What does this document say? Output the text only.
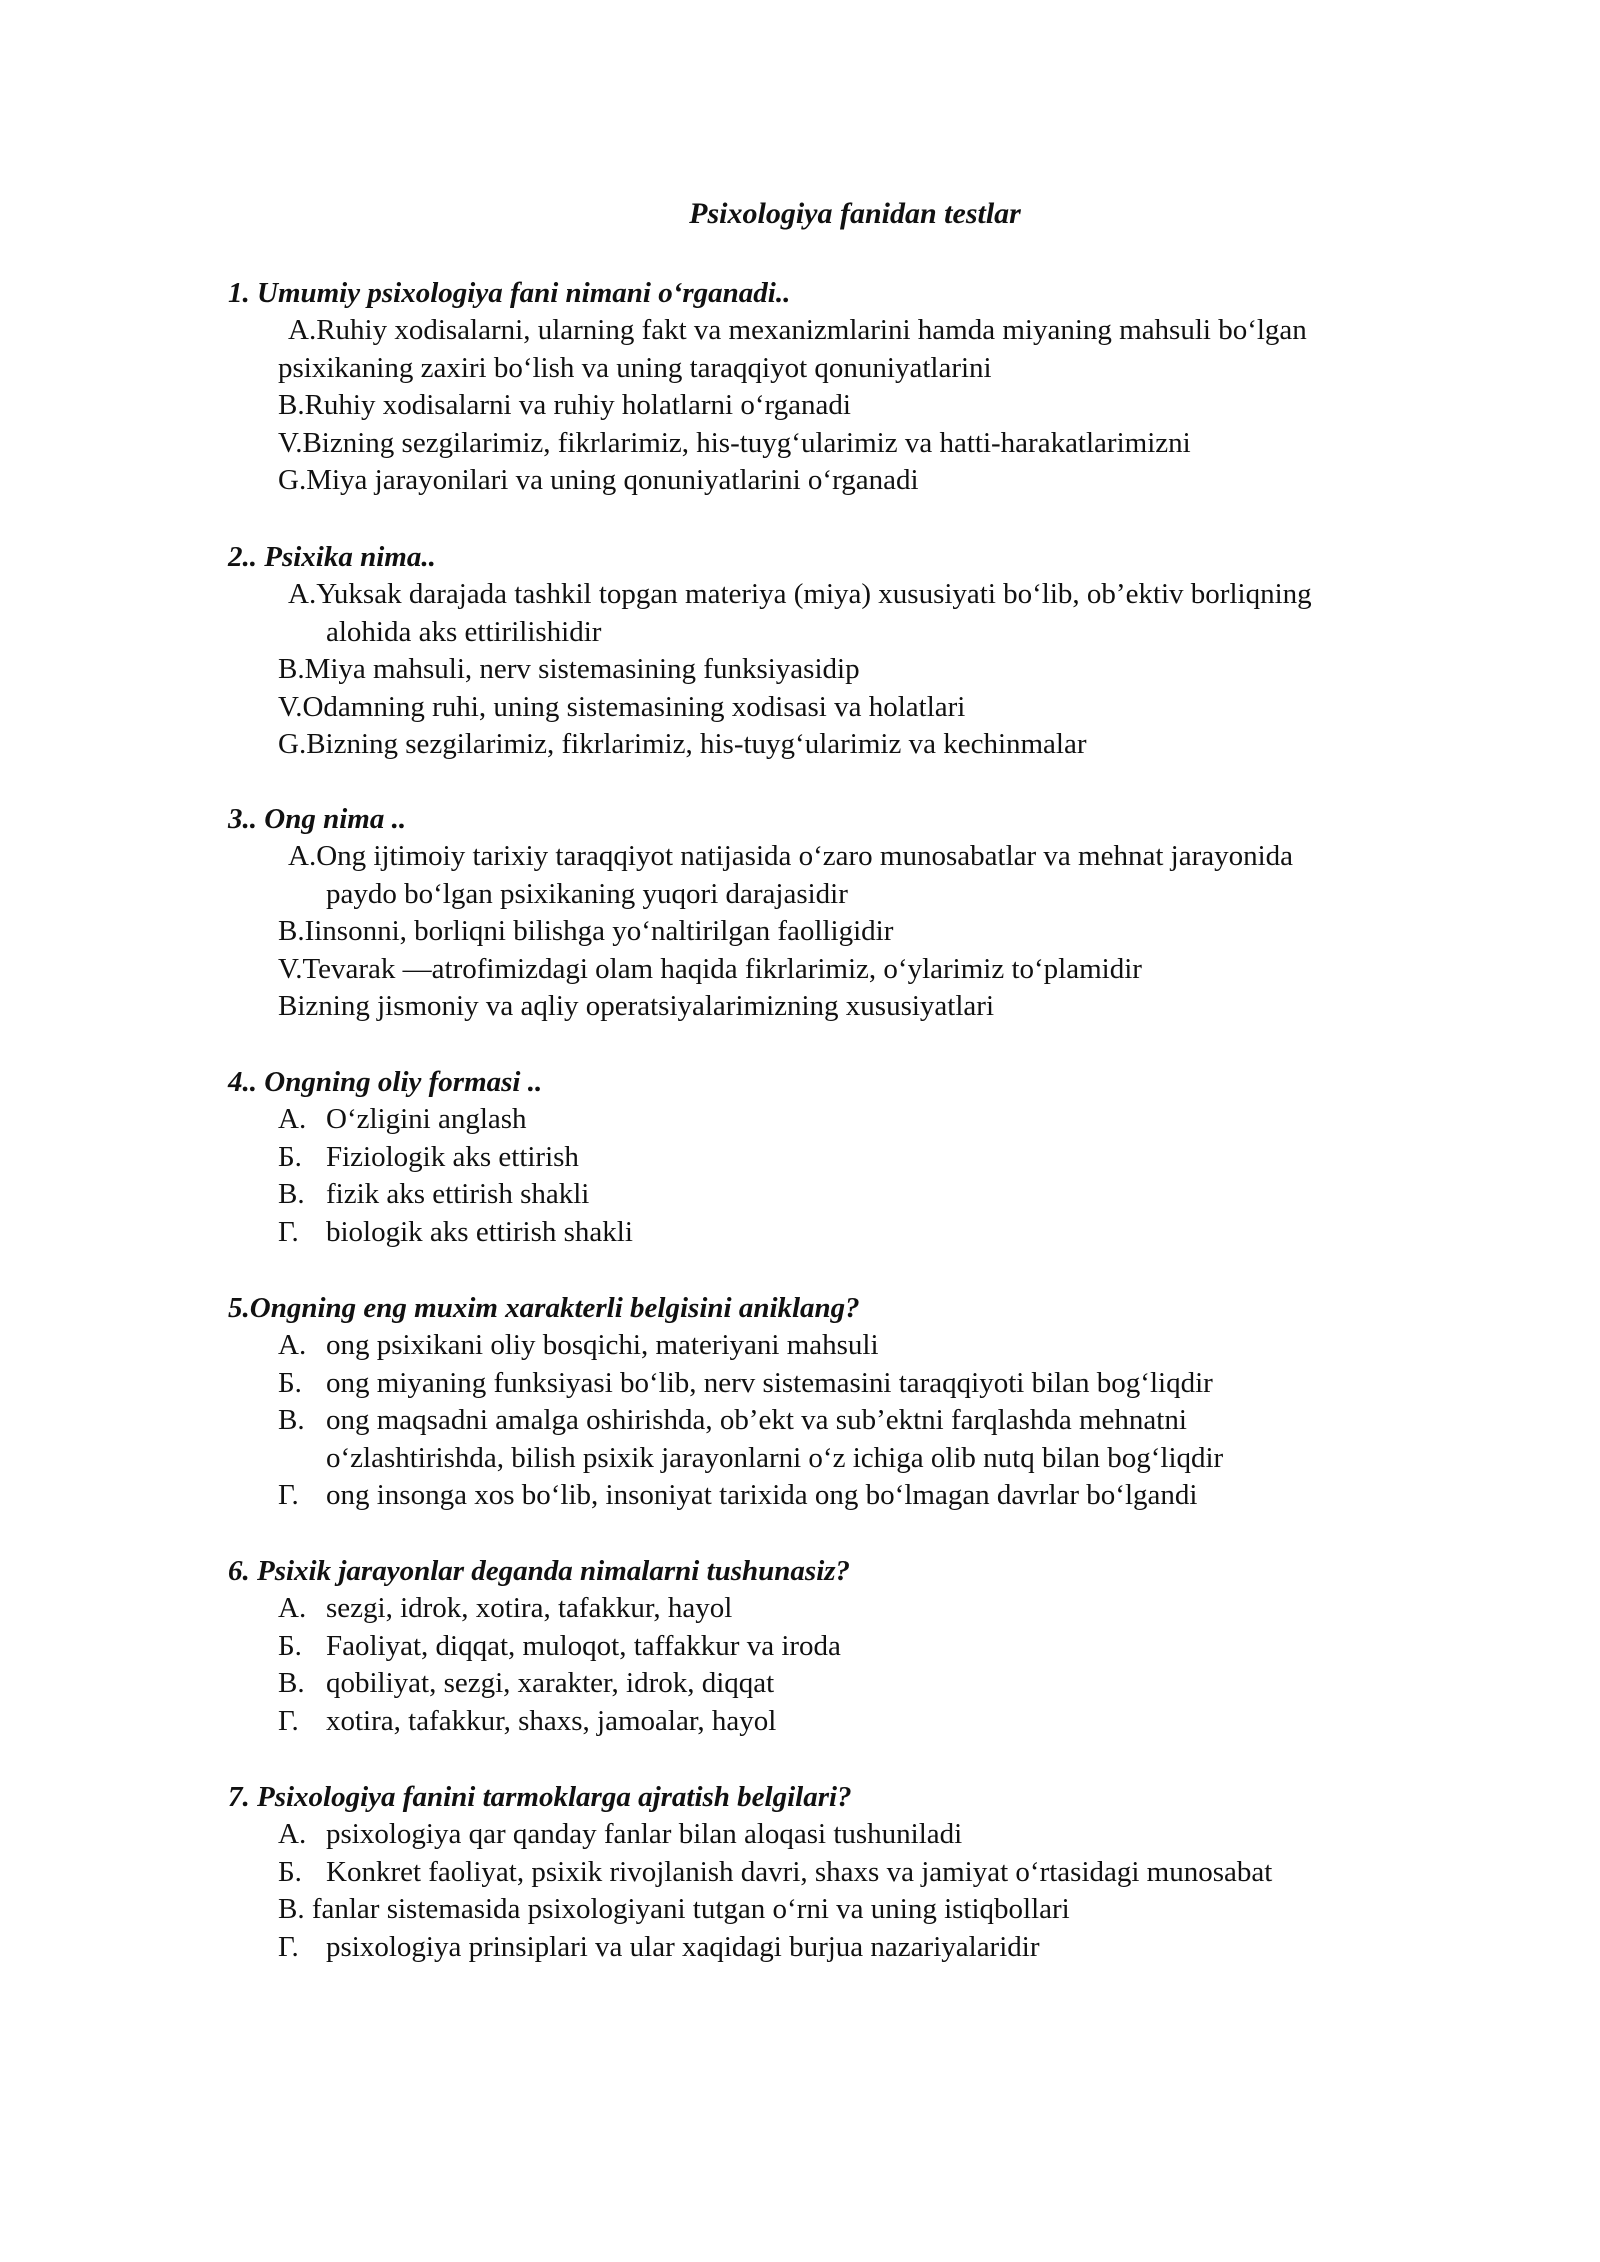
Psixologiya fanidan testlar
1. Umumiy psixologiya fani nimani o‘rganadi..
A.Ruhiy xodisalarni, ularning fakt va mexanizmlarini hamda miyaning mahsuli bo‘lgan
psixikaning zaxiri bo‘lish va uning taraqqiyot qonuniyatlarini
B.Ruhiy xodisalarni va ruhiy holatlarni o‘rganadi
V.Bizning sezgilarimiz, fikrlarimiz, his-tuyg‘ularimiz va hatti-harakatlarimizni
G.Miya jarayonilari va uning qonuniyatlarini o‘rganadi
2.. Psixika nima..
A.Yuksak darajada tashkil topgan materiya (miya) xususiyati bo‘lib, ob’ektiv borliqning
alohida aks ettirilishidir
B.Miya mahsuli, nerv sistemasining funksiyasidip
V.Odamning ruhi, uning sistemasining xodisasi va holatlari
G.Bizning sezgilarimiz, fikrlarimiz, his-tuyg‘ularimiz va kechinmalar
3.. Ong nima ..
A.Ong ijtimoiy tarixiy taraqqiyot natijasida o‘zaro munosabatlar va mehnat jarayonida
paydo bo‘lgan psixikaning yuqori darajasidir
B.Iinsonni, borliqni bilishga yo‘naltirilgan faolligidir
V.Tevarak —atrofimizdagi olam haqida fikrlarimiz, o‘ylarimiz to‘plamidir
Bizning jismoniy va aqliy operatsiyalarimizning xususiyatlari
4.. Ongning oliy formasi ..
А. O‘zligini anglash
Б. Fiziologik aks ettirish
В. fizik aks ettirish shakli
Г. biologik aks ettirish shakli
5.Ongning eng muxim xarakterli belgisini aniklang?
А. ong psixikani oliy bosqichi, materiyani mahsuli
Б. ong miyaning funksiyasi bo‘lib, nerv sistemasini taraqqiyoti bilan bog‘liqdir
В. ong maqsadni amalga oshirishda, ob’ekt va sub’ektni farqlashda mehnatni
o‘zlashtirishda, bilish psixik jarayonlarni o‘z ichiga olib nutq bilan bog‘liqdir
Г. ong insonga xos bo‘lib, insoniyat tarixida ong bo‘lmagan davrlar bo‘lgandi
6. Psixik jarayonlar deganda nimalarni tushunasiz?
А. sezgi, idrok, xotira, tafakkur, hayol
Б. Faoliyat, diqqat, muloqot, taffakkur va iroda
В. qobiliyat, sezgi, xarakter, idrok, diqqat
Г. xotira, tafakkur, shaxs, jamoalar, hayol
7. Psixologiya fanini tarmoklarga ajratish belgilari?
А. psixologiya qar qanday fanlar bilan aloqasi tushuniladi
Б. Konkret faoliyat, psixik rivojlanish davri, shaxs va jamiyat o‘rtasidagi munosabat
В. fanlar sistemasida psixologiyani tutgan o‘rni va uning istiqbollari
Г. psixologiya prinsiplari va ular xaqidagi burjua nazariyalaridir
